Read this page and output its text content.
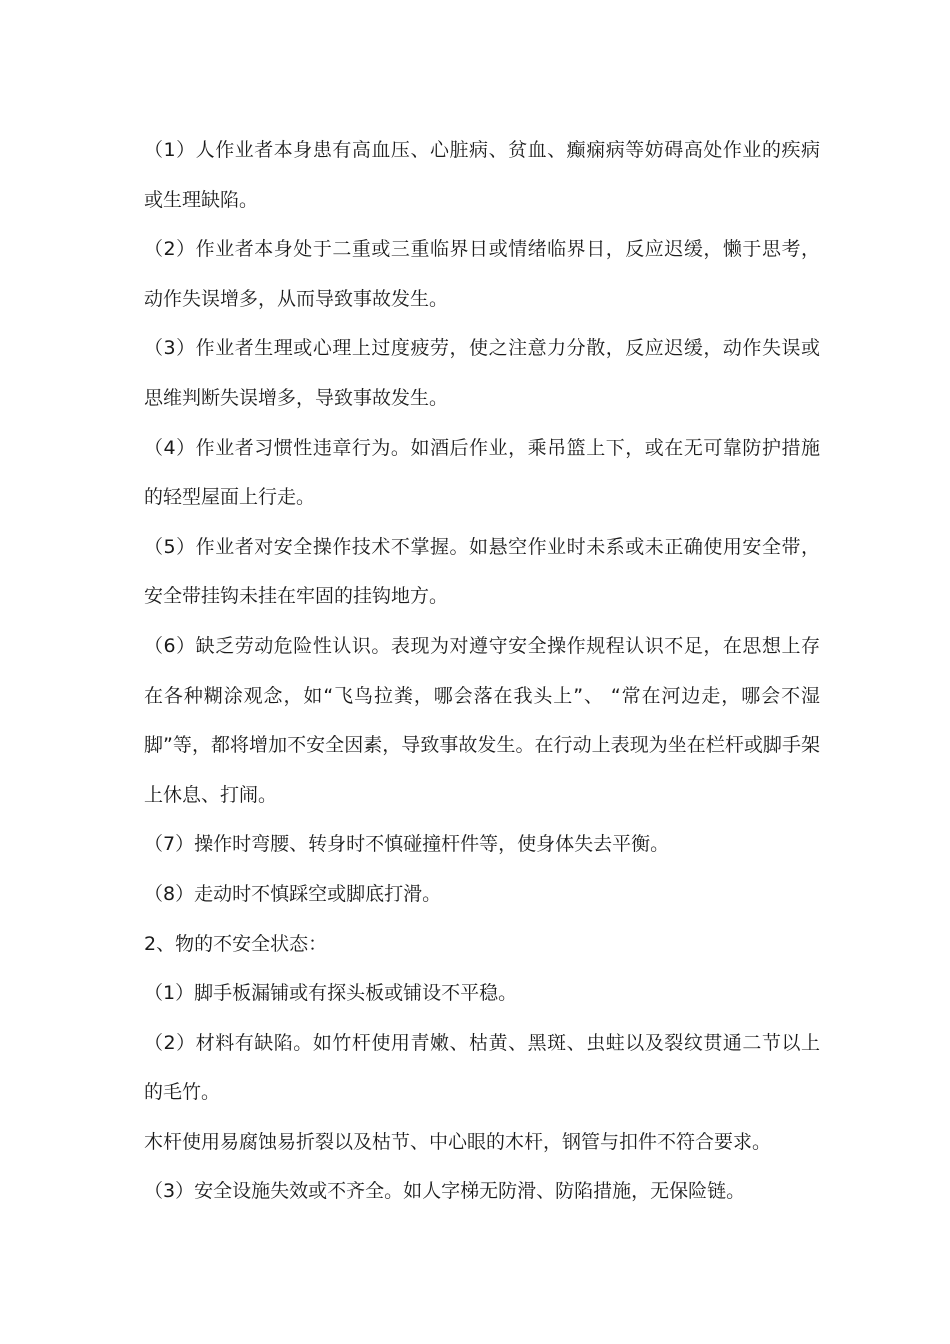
（1）人作业者本身患有高血压、心脏病、贫血、癫痫病等妨碍高处作业的疾病或生理缺陷。

（2）作业者本身处于二重或三重临界日或情绪临界日，反应迟缓，懒于思考，动作失误增多，从而导致事故发生。

（3）作业者生理或心理上过度疲劳，使之注意力分散，反应迟缓，动作失误或思维判断失误增多，导致事故发生。

（4）作业者习惯性违章行为。如酒后作业，乘吊篮上下，或在无可靠防护措施的轻型屋面上行走。

（5）作业者对安全操作技术不掌握。如悬空作业时未系或未正确使用安全带，安全带挂钩未挂在牢固的挂钩地方。

（6）缺乏劳动危险性认识。表现为对遵守安全操作规程认识不足，在思想上存在各种糊涂观念，如“飞鸟拉粪，哪会落在我头上”、 “常在河边走，哪会不湿脚”等，都将增加不安全因素，导致事故发生。在行动上表现为坐在栏杆或脚手架上休息、打闹。

（7）操作时弯腰、转身时不慎碰撞杆件等，使身体失去平衡。

（8）走动时不慎踩空或脚底打滑。

2、物的不安全状态：

（1）脚手板漏铺或有探头板或铺设不平稳。

（2）材料有缺陷。如竹杆使用青嫩、枯黄、黑斑、虫蛀以及裂纹贯通二节以上的毛竹。

木杆使用易腐蚀易折裂以及枯节、中心眼的木杆，钢管与扣件不符合要求。

（3）安全设施失效或不齐全。如人字梯无防滑、防陷措施，无保险链。
